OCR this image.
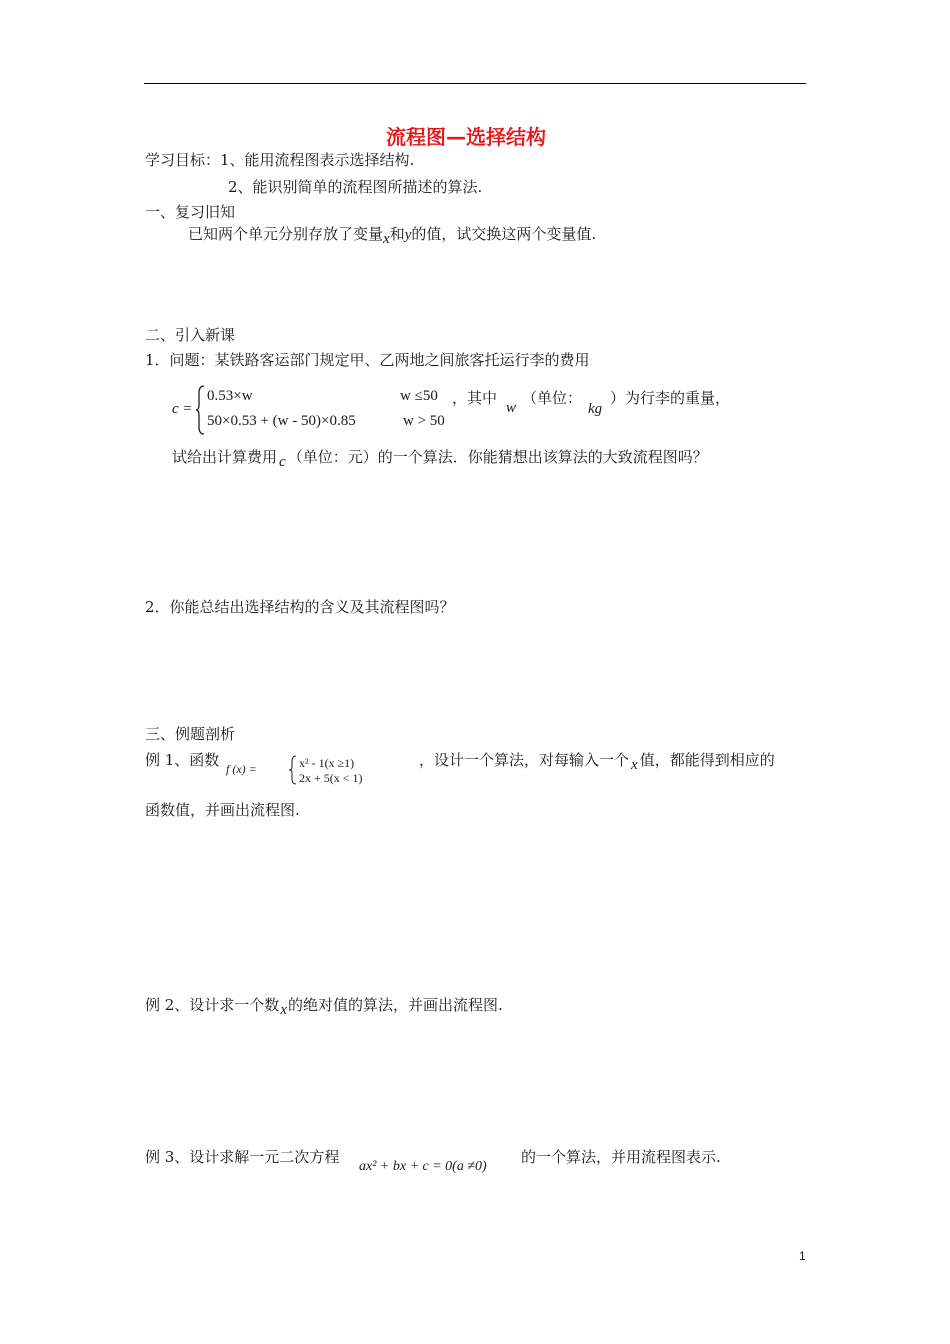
流程图—选择结构
学习目标：1、能用流程图表示选择结构.
2、能识别简单的流程图所描述的算法.
一、复习旧知
已知两个单元分别存放了变量x和y的值，试交换这两个变量值.
二、引入新课
1．问题：某铁路客运部门规定甲、乙两地之间旅客托运行李的费用
c =
0.53×w	w ≤50
50×0.53 + (w - 50)×0.85	w > 50
，其中
w
（单位：
kg
）为行李的重量，
试给出计算费用 c （单位：元）的一个算法．你能猜想出该算法的大致流程图吗？
2．你能总结出选择结构的含义及其流程图吗？
三、例题剖析
例 1、函数 f (x) =	x² - 1(x ≥1)
2x + 5(x < 1)
，设计一个算法，对每输入一个 x 值，都能得到相应的
函数值，并画出流程图.
例 2、设计求一个数x的绝对值的算法，并画出流程图.
例 3、设计求解一元二次方程
ax² + bx + c = 0(a ≠0)
的一个算法，并用流程图表示.
1
